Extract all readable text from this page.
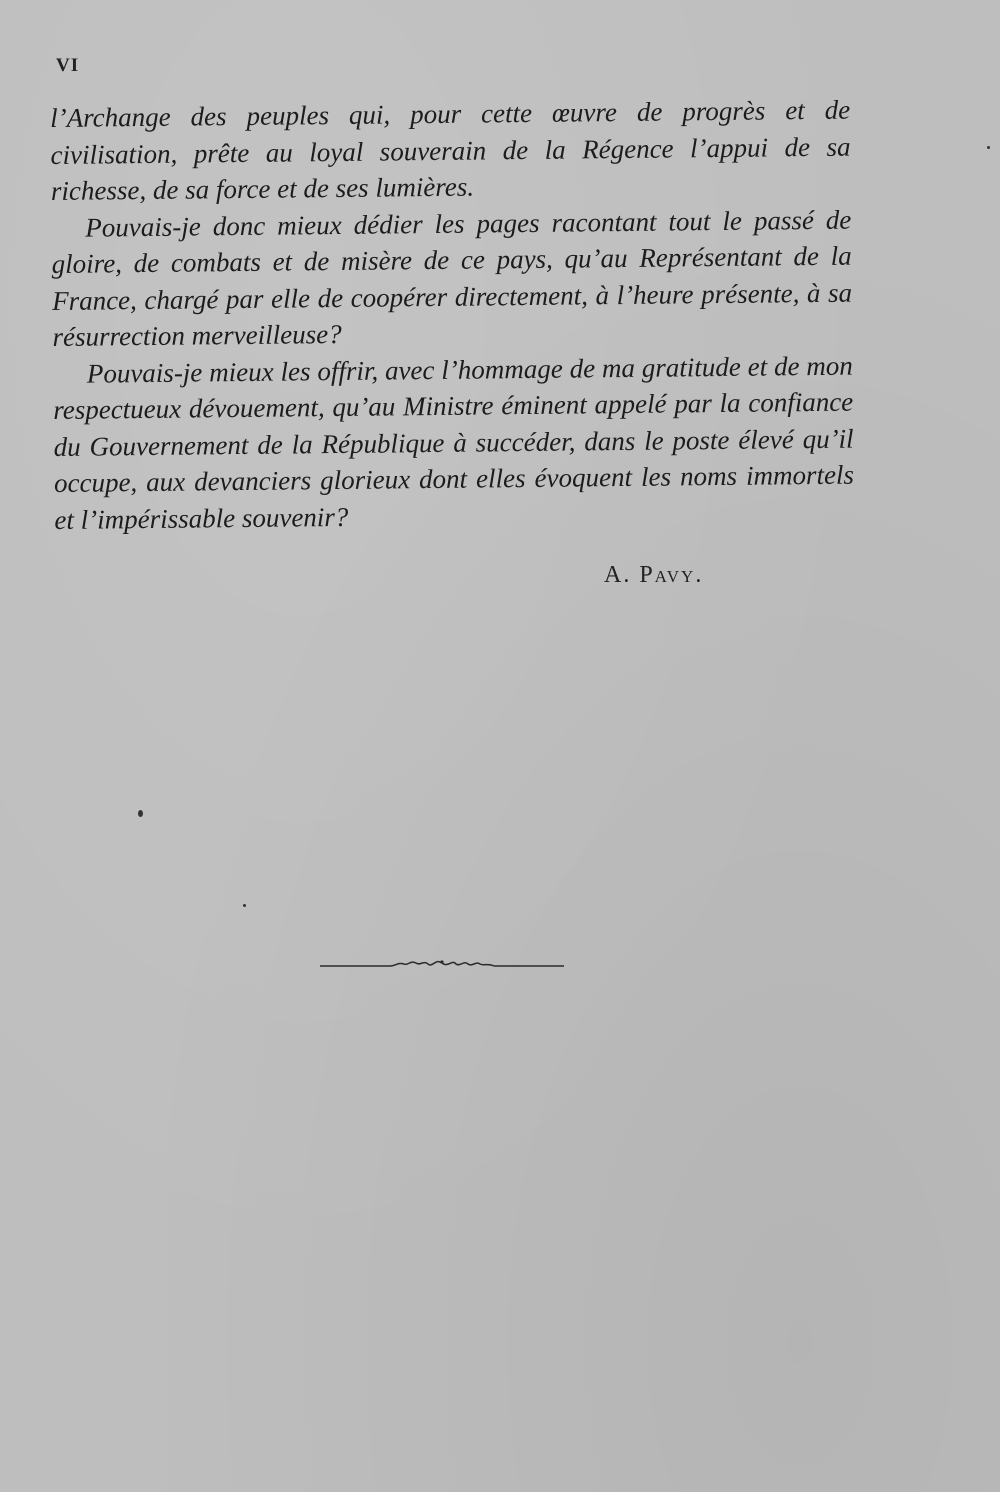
VI

l’Archange des peuples qui, pour cette œuvre de progrès et de civilisation, prête au loyal souverain de la Régence l’appui de sa richesse, de sa force et de ses lumières.

Pouvais-je donc mieux dédier les pages racontant tout le passé de gloire, de combats et de misère de ce pays, qu’au Représentant de la France, chargé par elle de coopérer directement, à l’heure présente, à sa résurrection merveilleuse?

Pouvais-je mieux les offrir, avec l’hommage de ma gratitude et de mon respectueux dévouement, qu’au Ministre éminent appelé par la confiance du Gouvernement de la République à succéder, dans le poste élevé qu’il occupe, aux devanciers glorieux dont elles évoquent les noms immortels et l’impérissable souvenir?

A. Pavy.
